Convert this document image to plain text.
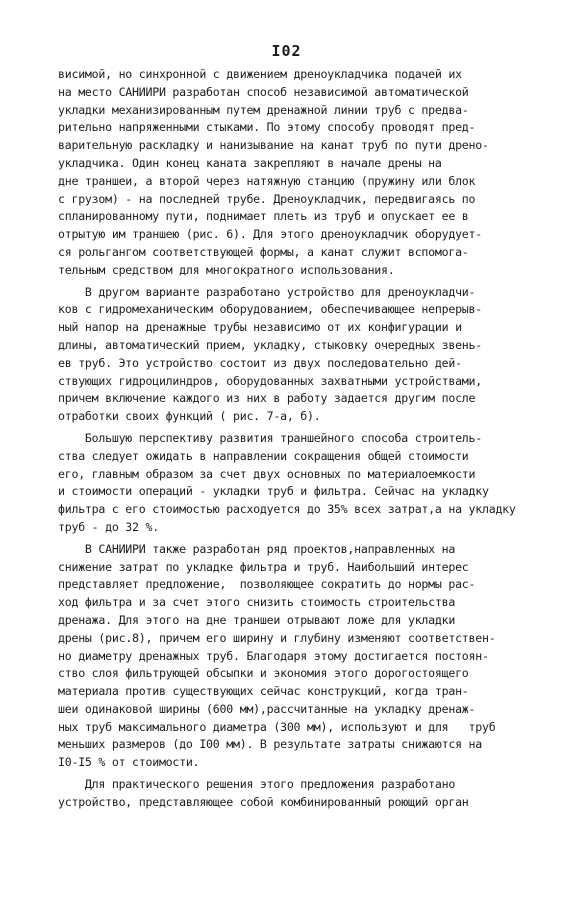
I02
висимой, но синхронной с движением дреноукладчика подачей их
на место САНИИРИ разработан способ независимой автоматической
укладки механизированным путем дренажной линии труб с предва-
рительно напряженными стыками. По этому способу проводят пред-
варительную раскладку и нанизывание на канат труб по пути дрено-
укладчика. Один конец каната закрепляют в начале дрены на
дне траншеи, а второй через натяжную станцию (пружину или блок
с грузом) - на последней трубе. Дреноукладчик, передвигаясь по
спланированному пути, поднимает плеть из труб и опускает ее в
отрытую им траншею (рис. 6). Для этого дреноукладчик оборудует-
ся рольгангом соответствующей формы, а канат служит вспомога-
тельным средством для многократного использования.
В другом варианте разработано устройство для дреноукладчи-
ков с гидромеханическим оборудованием, обеспечивающее непрерыв-
ный напор на дренажные трубы независимо от их конфигурации и
длины, автоматический прием, укладку, стыковку очередных звень-
ев труб. Это устройство состоит из двух последовательно дей-
ствующих гидроцилиндров, оборудованных захватными устройствами,
причем включение каждого из них в работу задается другим после
отработки своих функций ( рис. 7-а, б).
Большую перспективу развития траншейного способа строитель-
ства следует ожидать в направлении сокращения общей стоимости
его, главным образом за счет двух основных по материалоемкости
и стоимости операций - укладки труб и фильтра. Сейчас на укладку
фильтра с его стоимостью расходуется до 35% всех затрат,а на укладку
труб - до 32 %.
В САНИИРИ также разработан ряд проектов,направленных на
снижение затрат по укладке фильтра и труб. Наибольший интерес
представляет предложение,  позволяющее сократить до нормы рас-
ход фильтра и за счет этого снизить стоимость строительства
дренажа. Для этого на дне траншеи отрывают ложе для укладки
дрены (рис.8), причем его ширину и глубину изменяют соответствен-
но диаметру дренажных труб. Благодаря этому достигается постоян-
ство слоя фильтрующей обсыпки и экономия этого дорогостоящего
материала против существующих сейчас конструкций, когда тран-
шеи одинаковой ширины (600 мм),рассчитанные на укладку дренаж-
ных труб максимального диаметра (300 мм), используют и для   труб
меньших размеров (до I00 мм). В результате затраты снижаются на
I0-I5 % от стоимости.
Для практического решения этого предложения разработано
устройство, представляющее собой комбинированный роющий орган
